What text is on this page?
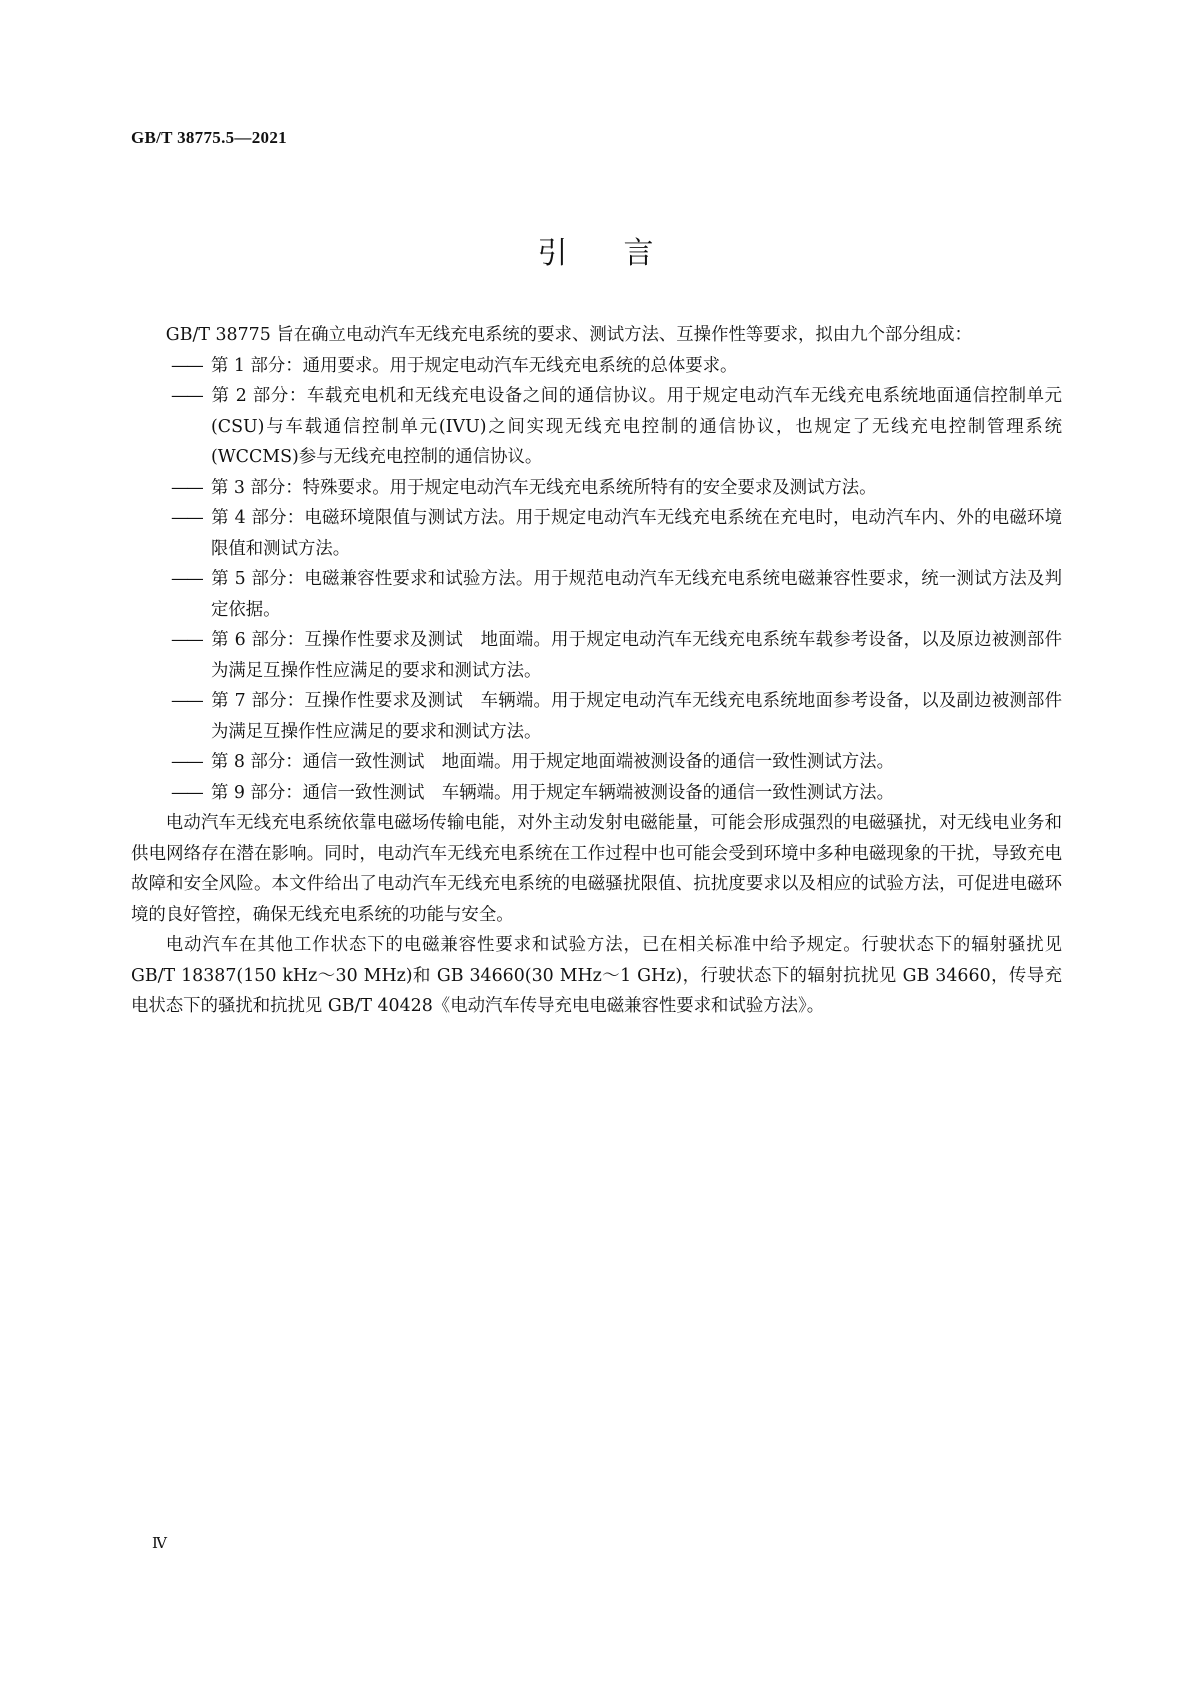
GB/T 38775.5—2021

引言

GB/T 38775 旨在确立电动汽车无线充电系统的要求、测试方法、互操作性等要求，拟由九个部分组成：

—— 第 1 部分：通用要求。用于规定电动汽车无线充电系统的总体要求。
—— 第 2 部分：车载充电机和无线充电设备之间的通信协议。用于规定电动汽车无线充电系统地面通信控制单元(CSU)与车载通信控制单元(IVU)之间实现无线充电控制的通信协议，也规定了无线充电控制管理系统(WCCMS)参与无线充电控制的通信协议。
—— 第 3 部分：特殊要求。用于规定电动汽车无线充电系统所特有的安全要求及测试方法。
—— 第 4 部分：电磁环境限值与测试方法。用于规定电动汽车无线充电系统在充电时，电动汽车内、外的电磁环境限值和测试方法。
—— 第 5 部分：电磁兼容性要求和试验方法。用于规范电动汽车无线充电系统电磁兼容性要求，统一测试方法及判定依据。
—— 第 6 部分：互操作性要求及测试　地面端。用于规定电动汽车无线充电系统车载参考设备，以及原边被测部件为满足互操作性应满足的要求和测试方法。
—— 第 7 部分：互操作性要求及测试　车辆端。用于规定电动汽车无线充电系统地面参考设备，以及副边被测部件为满足互操作性应满足的要求和测试方法。
—— 第 8 部分：通信一致性测试　地面端。用于规定地面端被测设备的通信一致性测试方法。
—— 第 9 部分：通信一致性测试　车辆端。用于规定车辆端被测设备的通信一致性测试方法。

电动汽车无线充电系统依靠电磁场传输电能，对外主动发射电磁能量，可能会形成强烈的电磁骚扰，对无线电业务和供电网络存在潜在影响。同时，电动汽车无线充电系统在工作过程中也可能会受到环境中多种电磁现象的干扰，导致充电故障和安全风险。本文件给出了电动汽车无线充电系统的电磁骚扰限值、抗扰度要求以及相应的试验方法，可促进电磁环境的良好管控，确保无线充电系统的功能与安全。

电动汽车在其他工作状态下的电磁兼容性要求和试验方法，已在相关标准中给予规定。行驶状态下的辐射骚扰见 GB/T 18387(150 kHz～30 MHz)和 GB 34660(30 MHz～1 GHz)，行驶状态下的辐射抗扰见 GB 34660，传导充电状态下的骚扰和抗扰见 GB/T 40428《电动汽车传导充电电磁兼容性要求和试验方法》。

Ⅳ
